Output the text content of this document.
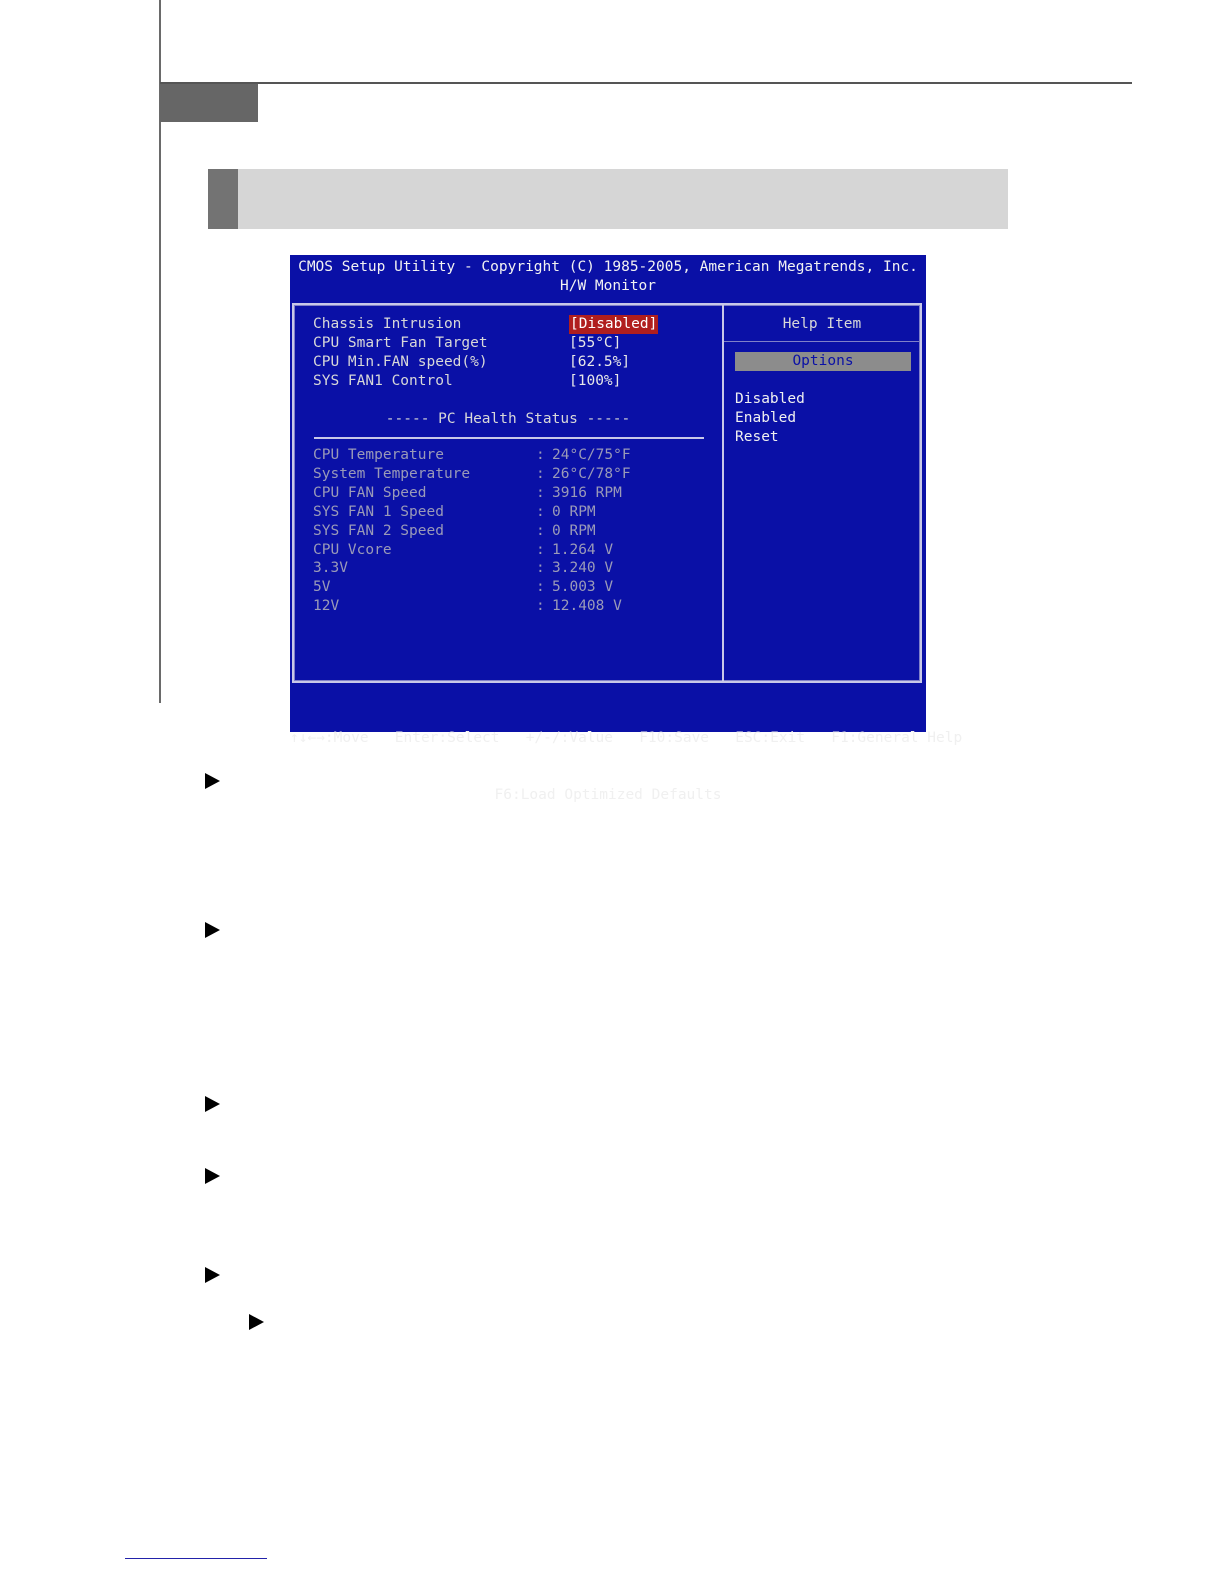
CMOS Setup Utility - Copyright (C) 1985-2005, American Megatrends, Inc.
H/W Monitor
Chassis Intrusion	[Disabled]
CPU Smart Fan Target	[55°C]
CPU Min.FAN speed(%)	[62.5%]
SYS FAN1 Control	[100%]
----- PC Health Status -----
CPU Temperature	: 24°C/75°F
System Temperature	: 26°C/78°F
CPU FAN Speed	: 3916 RPM
SYS FAN 1 Speed	: 0 RPM
SYS FAN 2 Speed	: 0 RPM
CPU Vcore	: 1.264 V
3.3V	: 3.240 V
5V	: 5.003 V
12V	: 12.408 V
Help Item
Options
Disabled
Enabled
Reset

↑↓←→:Move   Enter:Select   +/-/:Value   F10:Save   ESC:Exit   F1:General Help

F6:Load Optimized Defaults
